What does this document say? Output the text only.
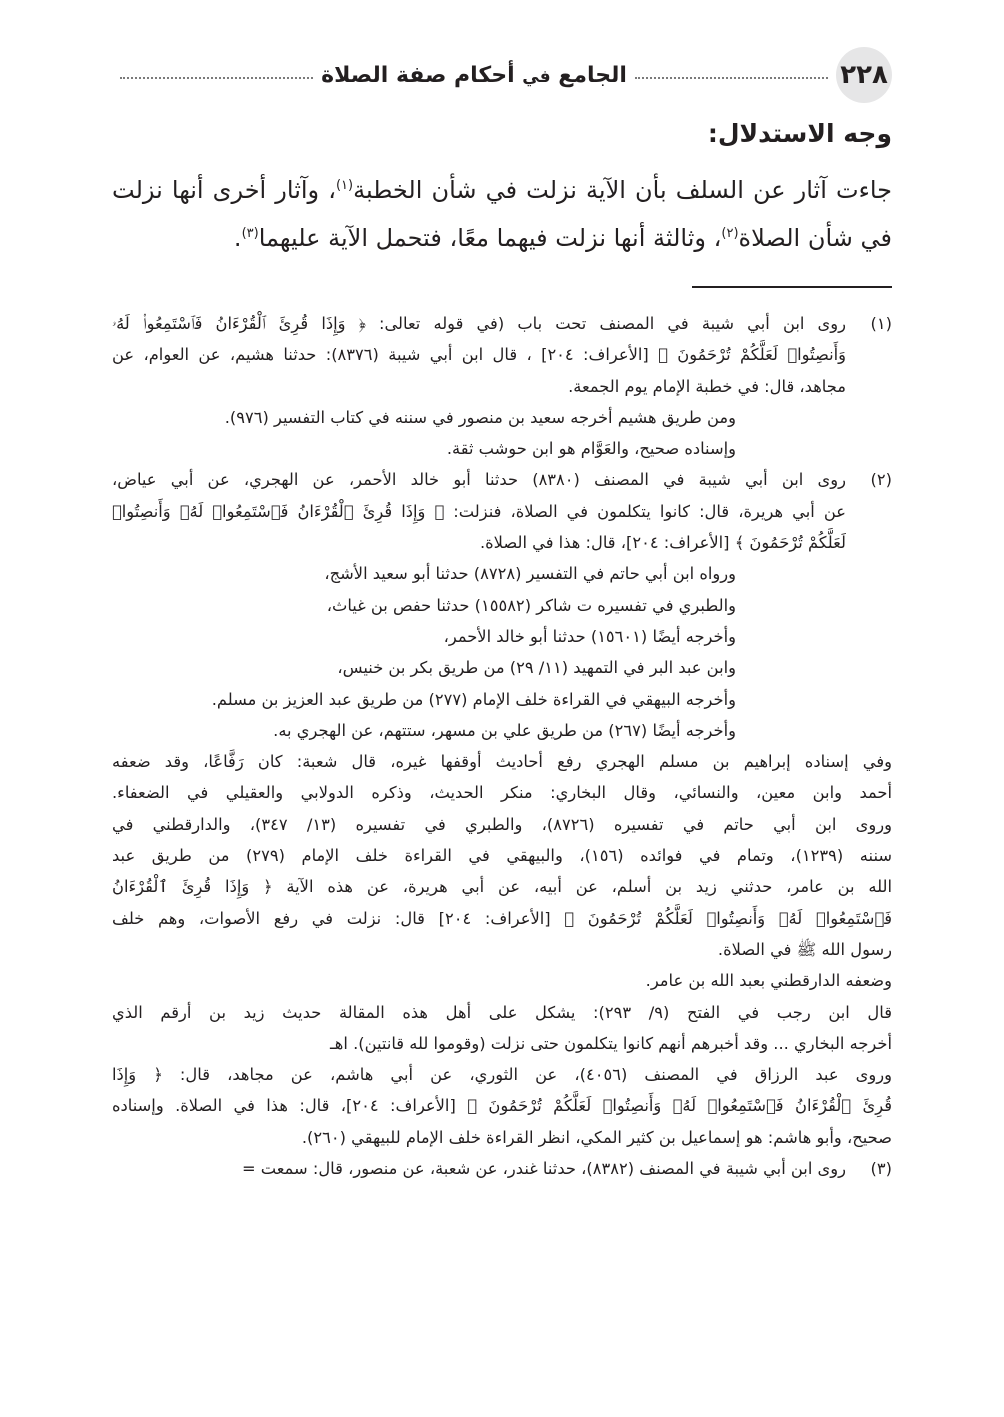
٢٢٨
الجامع في أحكام صفة الصلاة

وجه الاستدلال:

جاءت آثار عن السلف بأن الآية نزلت في شأن الخطبة$^{(١)}$، وآثار أخرى أنها نزلت في شأن الصلاة$^{(٢)}$، وثالثة أنها نزلت فيهما معًا، فتحمل الآية عليهما$^{(٣)}$.

(١)
روى ابن أبي شيبة في المصنف تحت باب (في قوله تعالى: ﴿ وَإِذَا قُرِئَ ٱلْقُرْءَانُ فَٱسْتَمِعُوا۟ لَهُۥ
وَأَنصِتُوا۟ لَعَلَّكُمْ تُرْحَمُونَ ﴾ [الأعراف: ٢٠٤] ، قال ابن أبي شيبة (٨٣٧٦): حدثنا هشيم، عن العوام، عن
مجاهد، قال: في خطبة الإمام يوم الجمعة.
ومن طريق هشيم أخرجه سعيد بن منصور في سننه في كتاب التفسير (٩٧٦).
وإسناده صحيح، والعَوَّام هو ابن حوشب ثقة.
(٢)
روى ابن أبي شيبة في المصنف (٨٣٨٠) حدثنا أبو خالد الأحمر، عن الهجري، عن أبي عياض،
عن أبي هريرة، قال: كانوا يتكلمون في الصلاة، فنزلت: ﴿ وَإِذَا قُرِئَ ٱلْقُرْءَانُ فَٱسْتَمِعُوا۟ لَهُۥ وَأَنصِتُوا۟
لَعَلَّكُمْ تُرْحَمُونَ ﴾ [الأعراف: ٢٠٤]، قال: هذا في الصلاة.
ورواه ابن أبي حاتم في التفسير (٨٧٢٨) حدثنا أبو سعيد الأشج،
والطبري في تفسيره ت شاكر (١٥٥٨٢) حدثنا حفص بن غياث،
وأخرجه أيضًا (١٥٦٠١) حدثنا أبو خالد الأحمر،
وابن عبد البر في التمهيد (١١/ ٢٩) من طريق بكر بن خنيس،
وأخرجه البيهقي في القراءة خلف الإمام (٢٧٧) من طريق عبد العزيز بن مسلم.
وأخرجه أيضًا (٢٦٧) من طريق علي بن مسهر، ستتهم، عن الهجري به.
وفي إسناده إبراهيم بن مسلم الهجري رفع أحاديث أوقفها غيره، قال شعبة: كان رَفَّاعًا، وقد ضعفه
أحمد وابن معين، والنسائي، وقال البخاري: منكر الحديث، وذكره الدولابي والعقيلي في الضعفاء.
وروى ابن أبي حاتم في تفسيره (٨٧٢٦)، والطبري في تفسيره (١٣/ ٣٤٧)، والدارقطني في
سننه (١٢٣٩)، وتمام في فوائده (١٥٦)، والبيهقي في القراءة خلف الإمام (٢٧٩) من طريق عبد
الله بن عامر، حدثني زيد بن أسلم، عن أبيه، عن أبي هريرة، عن هذه الآية ﴿ وَإِذَا قُرِئَ ٱلْقُرْءَانُ
فَٱسْتَمِعُوا۟ لَهُۥ وَأَنصِتُوا۟ لَعَلَّكُمْ تُرْحَمُونَ ﴾ [الأعراف: ٢٠٤] قال: نزلت في رفع الأصوات، وهم خلف
رسول الله ﷺ في الصلاة.
وضعفه الدارقطني بعبد الله بن عامر.
قال ابن رجب في الفتح (٩/ ٢٩٣): يشكل على أهل هذه المقالة حديث زيد بن أرقم الذي
أخرجه البخاري ... وقد أخبرهم أنهم كانوا يتكلمون حتى نزلت (وقوموا لله قانتين). اهـ
وروى عبد الرزاق في المصنف (٤٠٥٦)، عن الثوري، عن أبي هاشم، عن مجاهد، قال: ﴿ وَإِذَا
قُرِئَ ٱلْقُرْءَانُ فَٱسْتَمِعُوا۟ لَهُۥ وَأَنصِتُوا۟ لَعَلَّكُمْ تُرْحَمُونَ ﴾ [الأعراف: ٢٠٤]، قال: هذا في الصلاة. وإسناده
صحيح، وأبو هاشم: هو إسماعيل بن كثير المكي، انظر القراءة خلف الإمام للبيهقي (٢٦٠).
(٣)
روى ابن أبي شيبة في المصنف (٨٣٨٢)، حدثنا غندر، عن شعبة، عن منصور، قال: سمعت =
